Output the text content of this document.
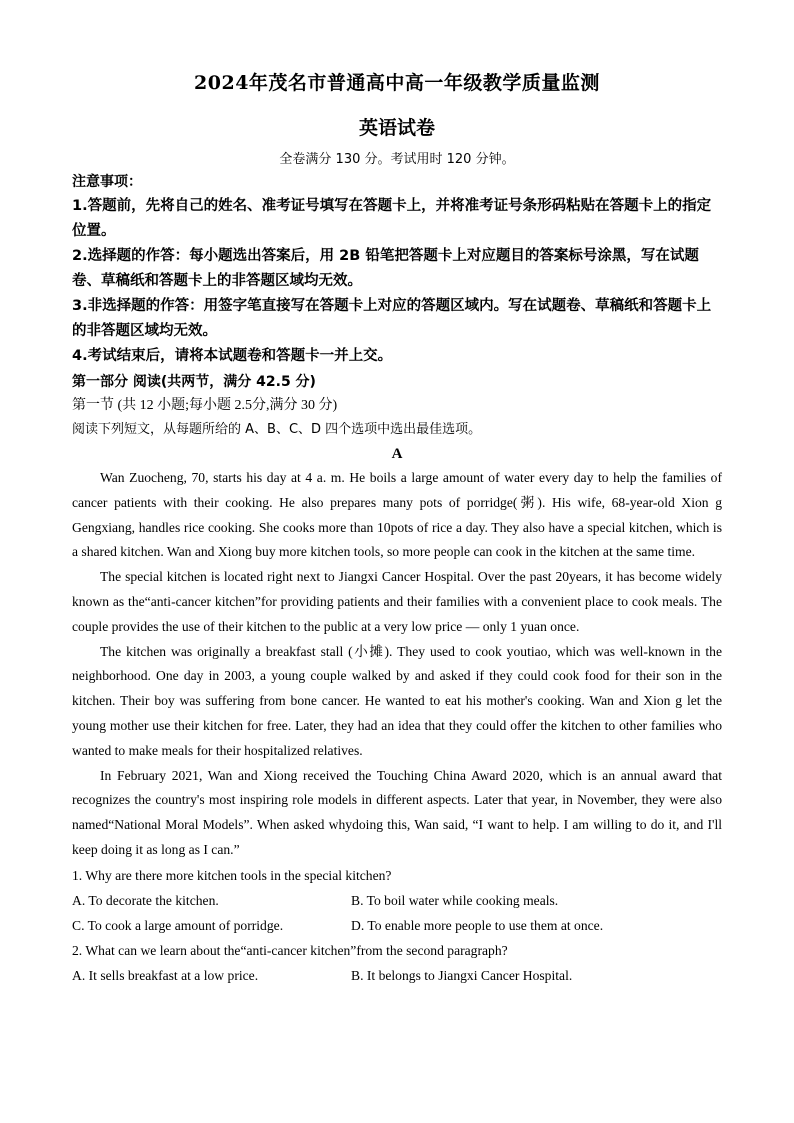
2024年茂名市普通高中高一年级教学质量监测
英语试卷
全卷满分 130 分。考试用时 120 分钟。
注意事项：
1.答题前，先将自己的姓名、准考证号填写在答题卡上，并将准考证号条形码粘贴在答题卡上的指定位置。
2.选择题的作答：每小题选出答案后，用 2B 铅笔把答题卡上对应题目的答案标号涂黑，写在试题卷、草稿纸和答题卡上的非答题区域均无效。
3.非选择题的作答：用签字笔直接写在答题卡上对应的答题区域内。写在试题卷、草稿纸和答题卡上的非答题区域均无效。
4.考试结束后，请将本试题卷和答题卡一并上交。
第一部分 阅读(共两节，满分 42.5 分)
第一节 (共 12 小题;每小题 2.5分,满分 30 分)
阅读下列短文，从每题所给的 A、B、C、D 四个选项中选出最佳选项。
A

Wan Zuocheng, 70, starts his day at 4 a. m. He boils a large amount of water every day to help the families of cancer patients with their cooking. He also prepares many pots of porridge(粥). His wife, 68-year-old Xion g Gengxiang, handles rice cooking. She cooks more than 10pots of rice a day. They also have a special kitchen, which is a shared kitchen. Wan and Xiong buy more kitchen tools, so more people can cook in the kitchen at the same time.

The special kitchen is located right next to Jiangxi Cancer Hospital. Over the past 20years, it has become widely known as the“anti-cancer kitchen”for providing patients and their families with a convenient place to cook meals. The couple provides the use of their kitchen to the public at a very low price — only 1 yuan once.

The kitchen was originally a breakfast stall (小摊). They used to cook youtiao, which was well-known in the neighborhood. One day in 2003, a young couple walked by and asked if they could cook food for their son in the kitchen. Their boy was suffering from bone cancer. He wanted to eat his mother's cooking. Wan and Xion g let the young mother use their kitchen for free. Later, they had an idea that they could offer the kitchen to other families who wanted to make meals for their hospitalized relatives.

In February 2021, Wan and Xiong received the Touching China Award 2020, which is an annual award that recognizes the country's most inspiring role models in different aspects. Later that year, in November, they were also named“National Moral Models”. When asked whydoing this, Wan said, “I want to help. I am willing to do it, and I'll keep doing it as long as I can.”

1. Why are there more kitchen tools in the special kitchen?

A. To decorate the kitchen.	B. To boil water while cooking meals.
C. To cook a large amount of porridge.	D. To enable more people to use them at once.

2. What can we learn about the“anti-cancer kitchen”from the second paragraph?

A. It sells breakfast at a low price.	B. It belongs to Jiangxi Cancer Hospital.
